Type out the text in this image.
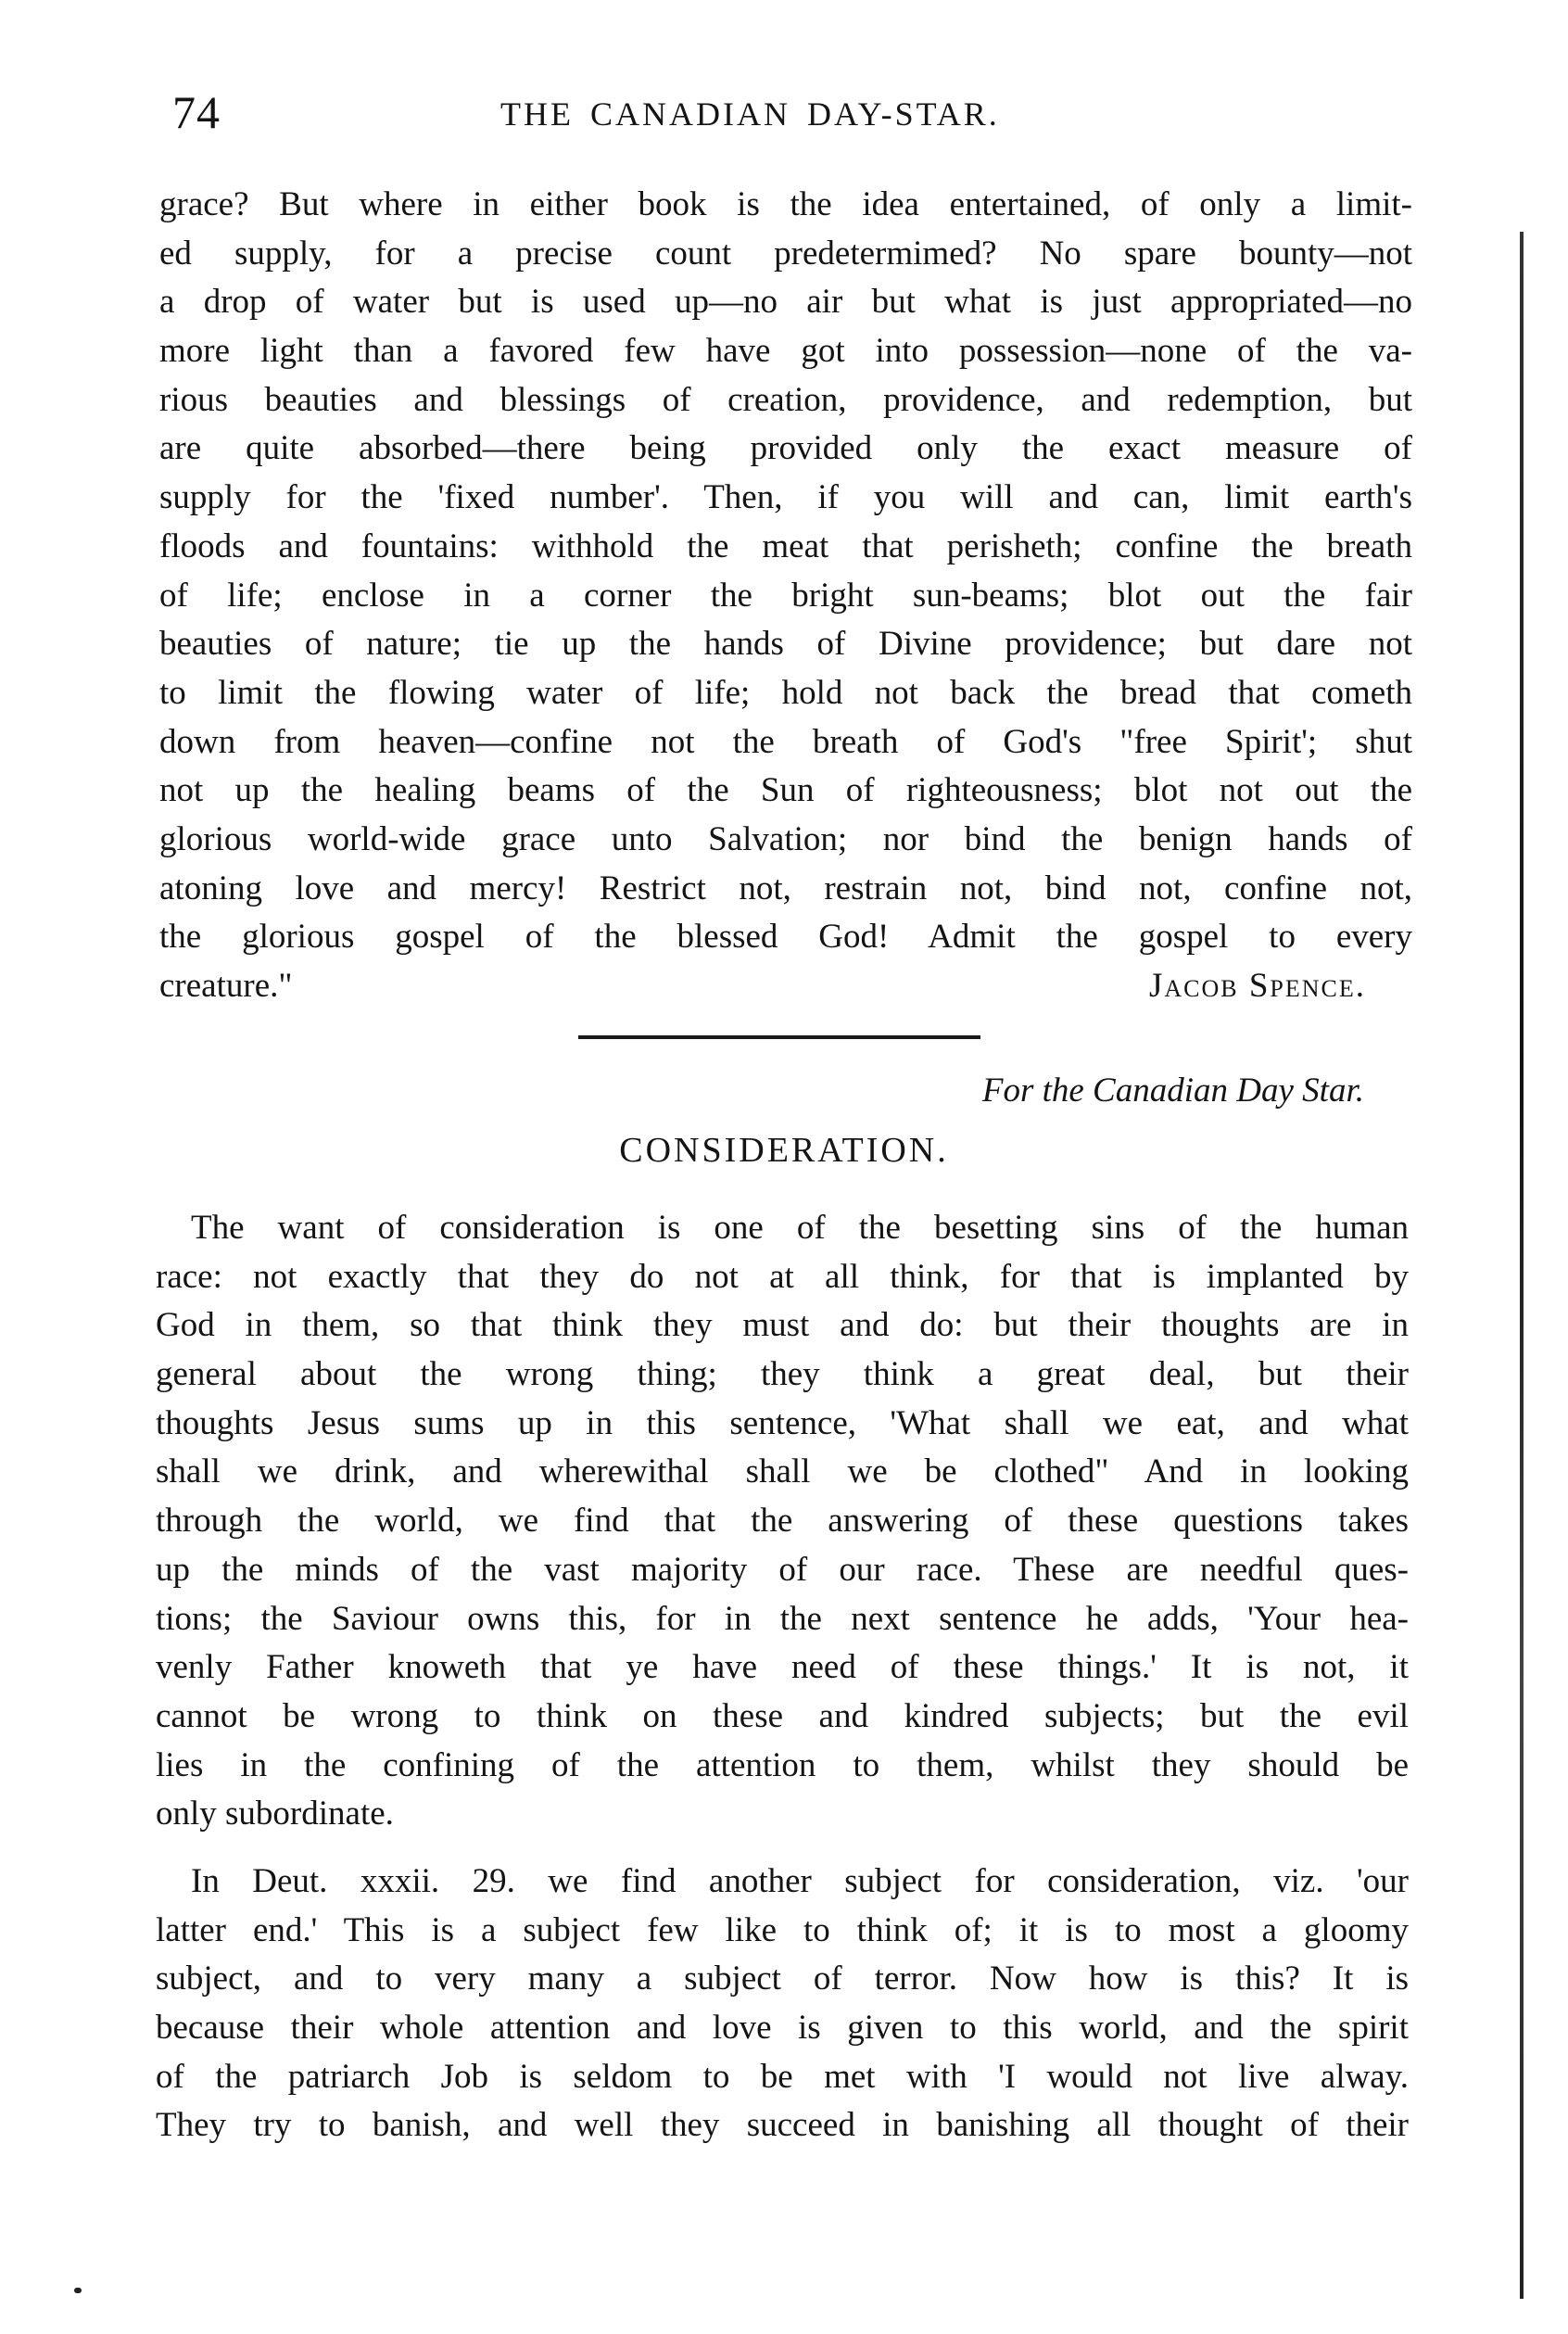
74	THE CANADIAN DAY-STAR.
grace? But where in either book is the idea entertained, of only a limit-
ed supply, for a precise count predetermimed? No spare bounty—not
a drop of water but is used up—no air but what is just appropriated—no
more light than a favored few have got into possession—none of the va-
rious beauties and blessings of creation, providence, and redemption, but
are quite absorbed—there being provided only the exact measure of
supply for the 'fixed number'. Then, if you will and can, limit earth's
floods and fountains: withhold the meat that perisheth; confine the breath
of life; enclose in a corner the bright sun-beams; blot out the fair
beauties of nature; tie up the hands of Divine providence; but dare not
to limit the flowing water of life; hold not back the bread that cometh
down from heaven—confine not the breath of God's "free Spirit'; shut
not up the healing beams of the Sun of righteousness; blot not out the
glorious world-wide grace unto Salvation; nor bind the benign hands of
atoning love and mercy! Restrict not, restrain not, bind not, confine not,
the glorious gospel of the blessed God! Admit the gospel to every
creature."	Jacob Spence.
For the Canadian Day Star.
CONSIDERATION.
The want of consideration is one of the besetting sins of the human
race: not exactly that they do not at all think, for that is implanted by
God in them, so that think they must and do: but their thoughts are in
general about the wrong thing; they think a great deal, but their
thoughts Jesus sums up in this sentence, 'What shall we eat, and what
shall we drink, and wherewithal shall we be clothed" And in looking
through the world, we find that the answering of these questions takes
up the minds of the vast majority of our race. These are needful ques-
tions; the Saviour owns this, for in the next sentence he adds, 'Your hea-
venly Father knoweth that ye have need of these things.' It is not, it
cannot be wrong to think on these and kindred subjects; but the evil
lies in the confining of the attention to them, whilst they should be
only subordinate.
In Deut. xxxii. 29. we find another subject for consideration, viz. 'our
latter end.' This is a subject few like to think of; it is to most a gloomy
subject, and to very many a subject of terror. Now how is this? It is
because their whole attention and love is given to this world, and the spirit
of the patriarch Job is seldom to be met with 'I would not live alway.
They try to banish, and well they succeed in banishing all thought of their
